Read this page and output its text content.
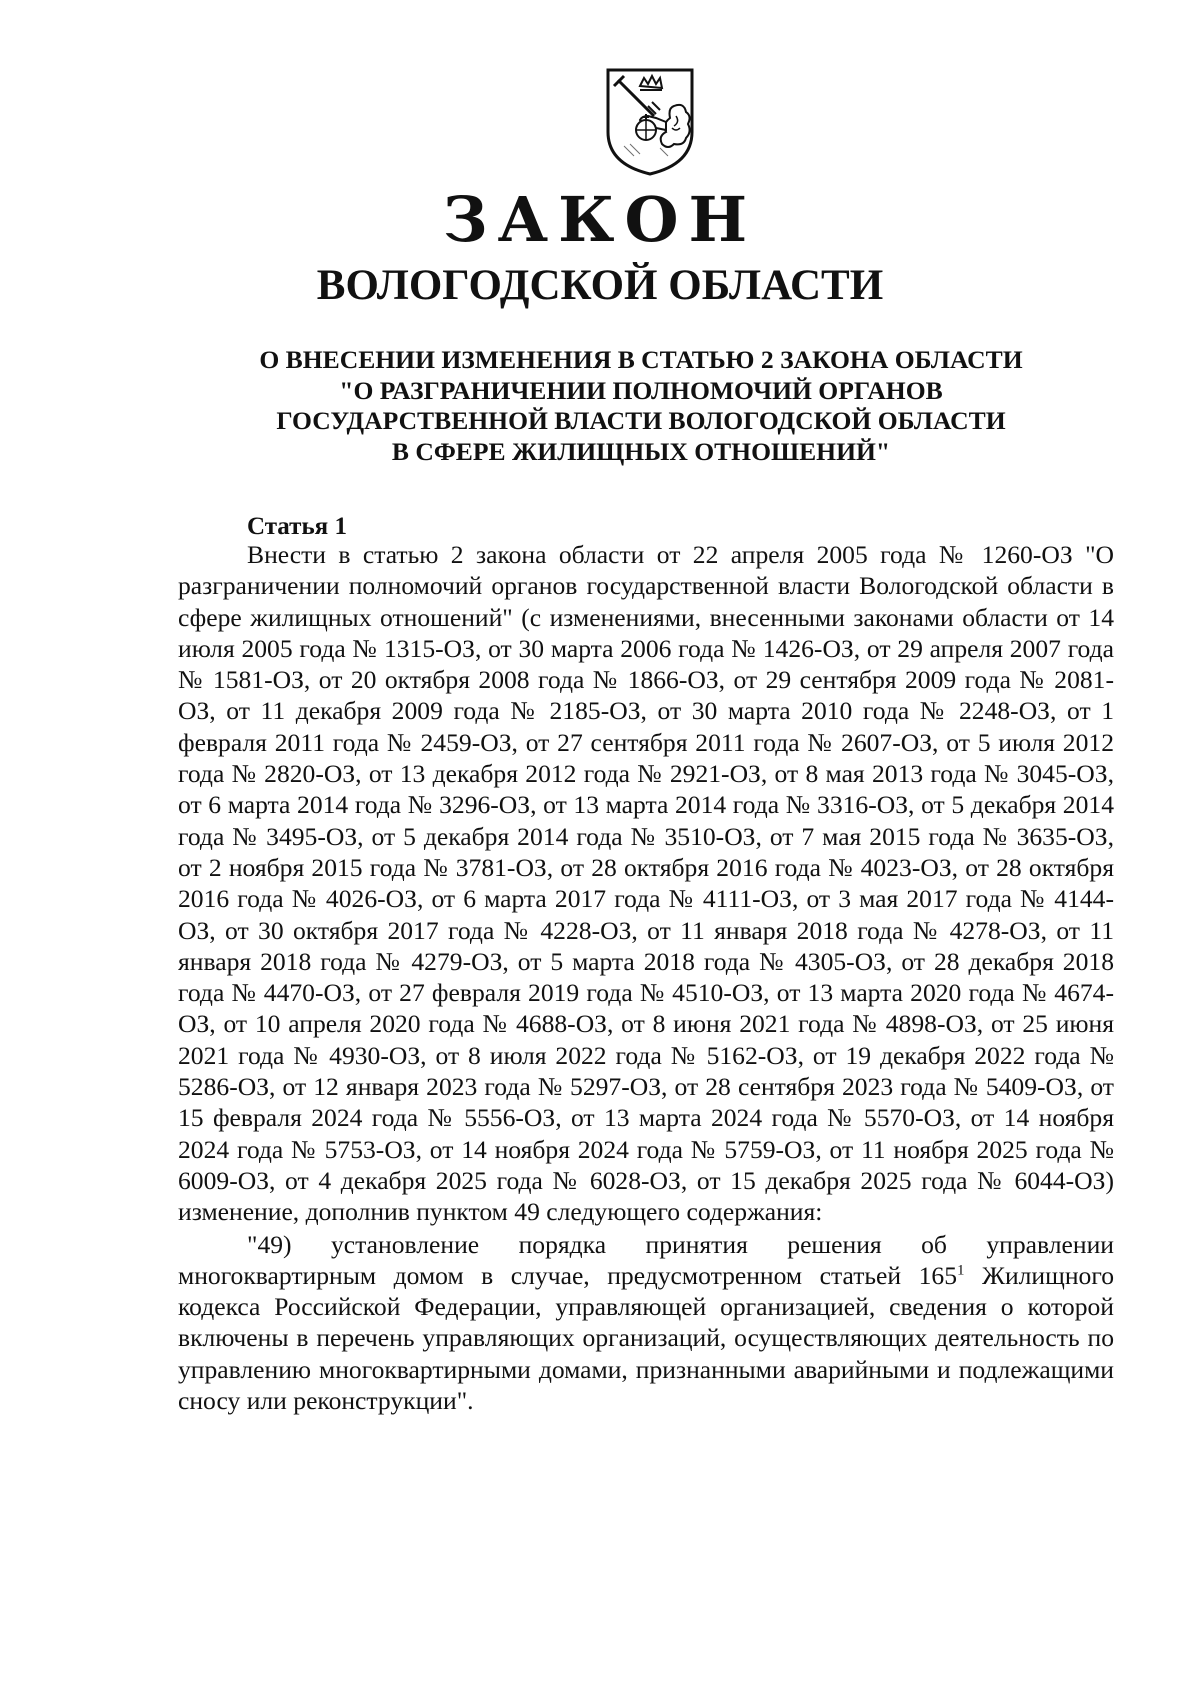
ЗАКОН
ВОЛОГОДСКОЙ ОБЛАСТИ
О ВНЕСЕНИИ ИЗМЕНЕНИЯ В СТАТЬЮ 2 ЗАКОНА ОБЛАСТИ
"О РАЗГРАНИЧЕНИИ ПОЛНОМОЧИЙ ОРГАНОВ
ГОСУДАРСТВЕННОЙ ВЛАСТИ ВОЛОГОДСКОЙ ОБЛАСТИ
В СФЕРЕ ЖИЛИЩНЫХ ОТНОШЕНИЙ"
Статья 1

Внести в статью 2 закона области от 22 апреля 2005 года № 1260-ОЗ "О разграничении полномочий органов государственной власти Вологодской области в сфере жилищных отношений" (с изменениями, внесенными законами области от 14 июля 2005 года № 1315-ОЗ, от 30 марта 2006 года № 1426-ОЗ, от 29 апреля 2007 года № 1581-ОЗ, от 20 октября 2008 года № 1866-ОЗ, от 29 сентября 2009 года № 2081-ОЗ, от 11 декабря 2009 года № 2185-ОЗ, от 30 марта 2010 года № 2248-ОЗ, от 1 февраля 2011 года № 2459-ОЗ, от 27 сентября 2011 года № 2607-ОЗ, от 5 июля 2012 года № 2820-ОЗ, от 13 декабря 2012 года № 2921-ОЗ, от 8 мая 2013 года № 3045-ОЗ, от 6 марта 2014 года № 3296-ОЗ, от 13 марта 2014 года № 3316-ОЗ, от 5 декабря 2014 года № 3495-ОЗ, от 5 декабря 2014 года № 3510-ОЗ, от 7 мая 2015 года № 3635-ОЗ, от 2 ноября 2015 года № 3781-ОЗ, от 28 октября 2016 года № 4023-ОЗ, от 28 октября 2016 года № 4026-ОЗ, от 6 марта 2017 года № 4111-ОЗ, от 3 мая 2017 года № 4144-ОЗ, от 30 октября 2017 года № 4228-ОЗ, от 11 января 2018 года № 4278-ОЗ, от 11 января 2018 года № 4279-ОЗ, от 5 марта 2018 года № 4305-ОЗ, от 28 декабря 2018 года № 4470-ОЗ, от 27 февраля 2019 года № 4510-ОЗ, от 13 марта 2020 года № 4674-ОЗ, от 10 апреля 2020 года № 4688-ОЗ, от 8 июня 2021 года № 4898-ОЗ, от 25 июня 2021 года № 4930-ОЗ, от 8 июля 2022 года № 5162-ОЗ, от 19 декабря 2022 года № 5286-ОЗ, от 12 января 2023 года № 5297-ОЗ, от 28 сентября 2023 года № 5409-ОЗ, от 15 февраля 2024 года № 5556-ОЗ, от 13 марта 2024 года № 5570-ОЗ, от 14 ноября 2024 года № 5753-ОЗ, от 14 ноября 2024 года № 5759-ОЗ, от 11 ноября 2025 года № 6009-ОЗ, от 4 декабря 2025 года № 6028-ОЗ, от 15 декабря 2025 года № 6044-ОЗ) изменение, дополнив пунктом 49 следующего содержания:

"49) установление порядка принятия решения об управлении многоквартирным домом в случае, предусмотренном статьей $165^1$ Жилищного кодекса Российской Федерации, управляющей организацией, сведения о которой включены в перечень управляющих организаций, осуществляющих деятельность по управлению многоквартирными домами, признанными аварийными и подлежащими сносу или реконструкции".
